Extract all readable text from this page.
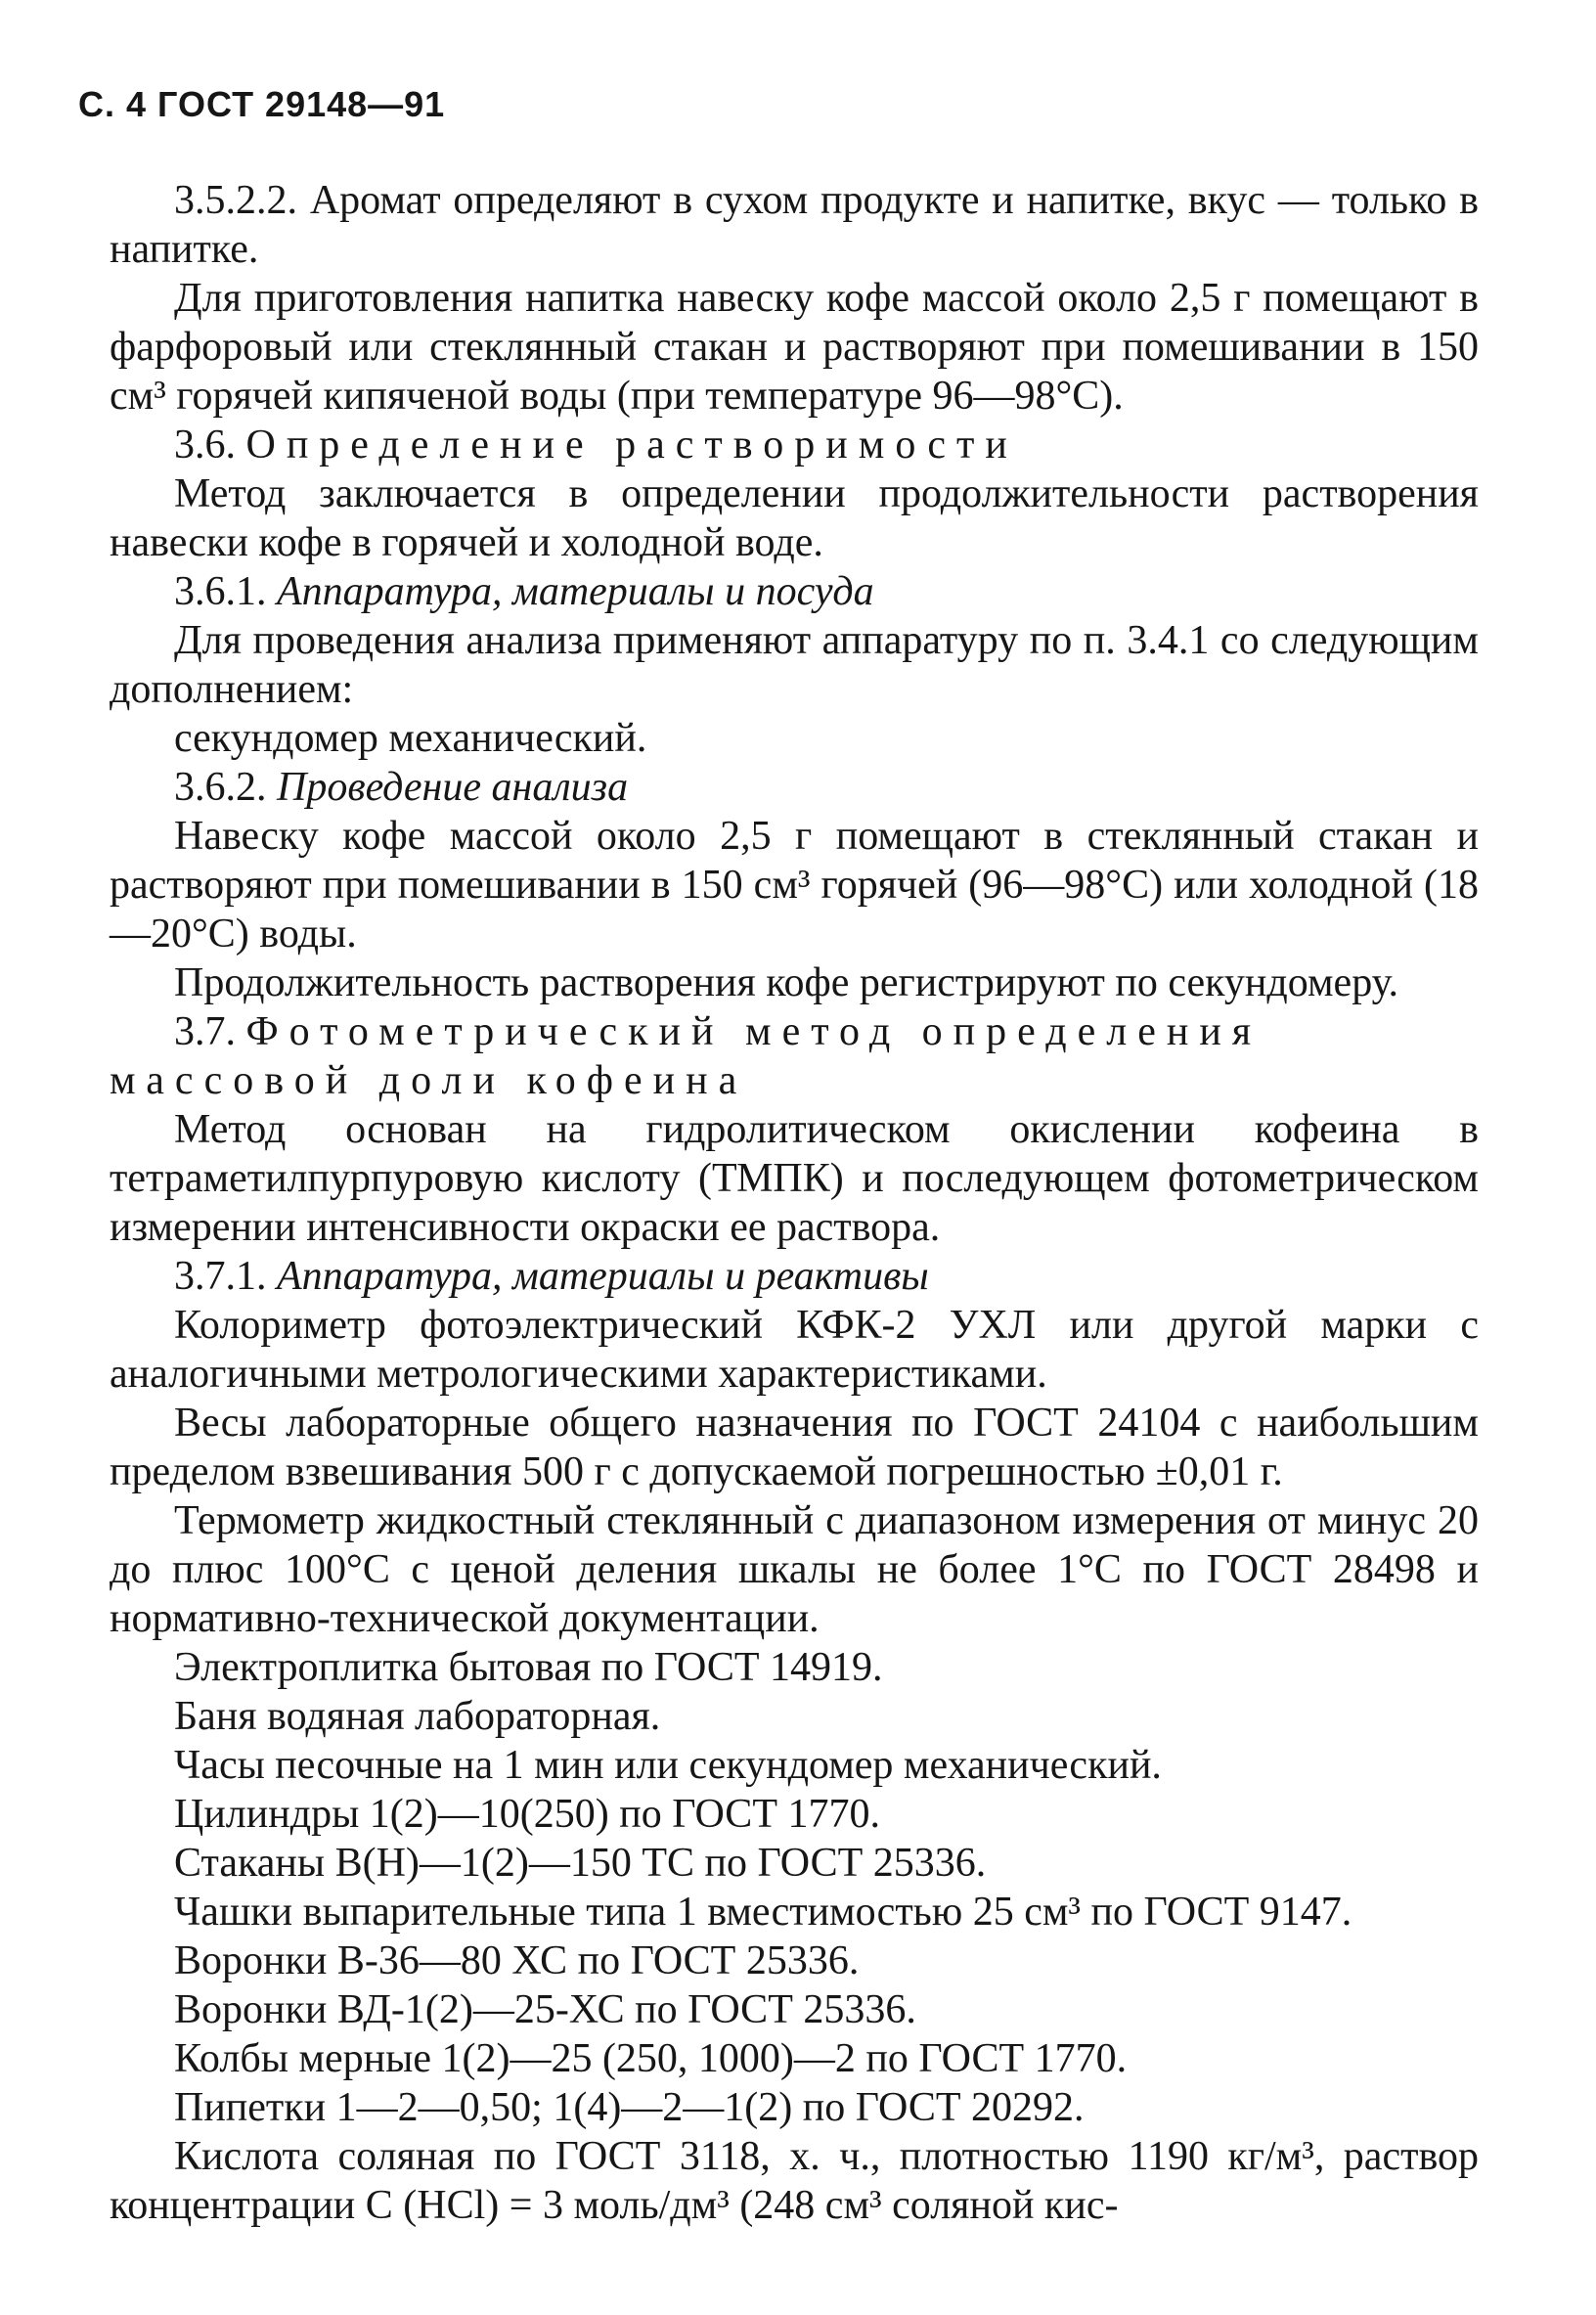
С. 4 ГОСТ 29148—91

3.5.2.2. Аромат определяют в сухом продукте и напитке, вкус — только в напитке.

Для приготовления напитка навеску кофе массой около 2,5 г помещают в фарфоровый или стеклянный стакан и растворяют при помешивании в 150 см³ горячей кипяченой воды (при температуре 96—98°С).

3.6. Определение растворимости

Метод заключается в определении продолжительности растворения навески кофе в горячей и холодной воде.

3.6.1. Аппаратура, материалы и посуда

Для проведения анализа применяют аппаратуру по п. 3.4.1 со следующим дополнением:

секундомер механический.

3.6.2. Проведение анализа

Навеску кофе массой около 2,5 г помещают в стеклянный стакан и растворяют при помешивании в 150 см³ горячей (96—98°С) или холодной (18—20°С) воды.

Продолжительность растворения кофе регистрируют по секундомеру.

3.7. Фотометрический метод определения массовой доли кофеина

Метод основан на гидролитическом окислении кофеина в тетраметилпурпуровую кислоту (ТМПК) и последующем фотометрическом измерении интенсивности окраски ее раствора.

3.7.1. Аппаратура, материалы и реактивы

Колориметр фотоэлектрический КФК-2 УХЛ или другой марки с аналогичными метрологическими характеристиками.

Весы лабораторные общего назначения по ГОСТ 24104 с наибольшим пределом взвешивания 500 г с допускаемой погрешностью ±0,01 г.

Термометр жидкостный стеклянный с диапазоном измерения от минус 20 до плюс 100°С с ценой деления шкалы не более 1°С по ГОСТ 28498 и нормативно-технической документации.

Электроплитка бытовая по ГОСТ 14919.

Баня водяная лабораторная.

Часы песочные на 1 мин или секундомер механический.

Цилиндры 1(2)—10(250) по ГОСТ 1770.

Стаканы В(Н)—1(2)—150 ТС по ГОСТ 25336.

Чашки выпарительные типа 1 вместимостью 25 см³ по ГОСТ 9147.

Воронки В-36—80 ХС по ГОСТ 25336.

Воронки ВД-1(2)—25-ХС по ГОСТ 25336.

Колбы мерные 1(2)—25 (250, 1000)—2 по ГОСТ 1770.

Пипетки 1—2—0,50; 1(4)—2—1(2) по ГОСТ 20292.

Кислота соляная по ГОСТ 3118, х. ч., плотностью 1190 кг/м³, раствор концентрации С (НСl) = 3 моль/дм³ (248 см³ соляной кис-
